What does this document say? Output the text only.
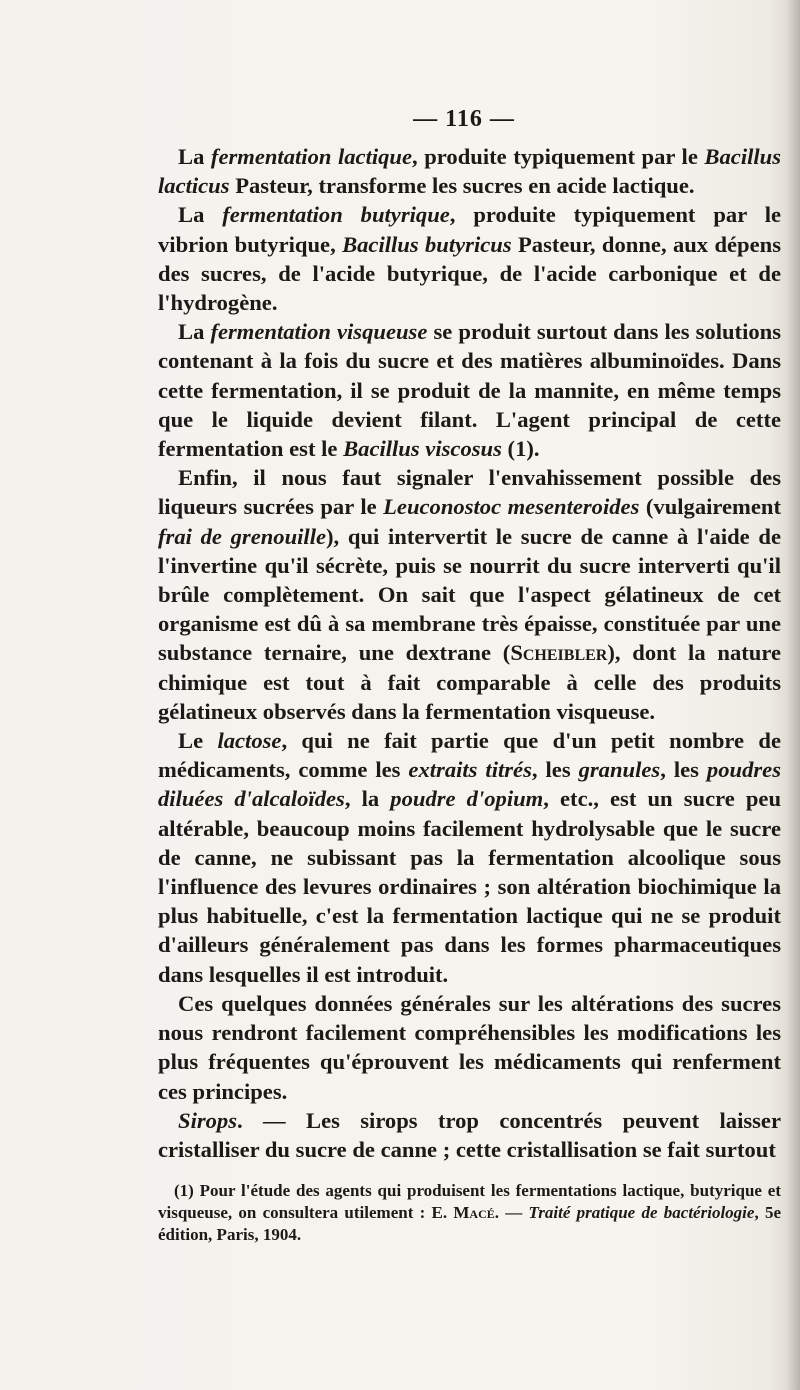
— 116 —

La fermentation lactique, produite typiquement par le Bacillus lacticus Pasteur, transforme les sucres en acide lactique.

La fermentation butyrique, produite typiquement par le vibrion butyrique, Bacillus butyricus Pasteur, donne, aux dépens des sucres, de l'acide butyrique, de l'acide carbonique et de l'hydrogène.

La fermentation visqueuse se produit surtout dans les solutions contenant à la fois du sucre et des matières albuminoïdes. Dans cette fermentation, il se produit de la mannite, en même temps que le liquide devient filant. L'agent principal de cette fermentation est le Bacillus viscosus (1).

Enfin, il nous faut signaler l'envahissement possible des liqueurs sucrées par le Leuconostoc mesenteroides (vulgairement frai de grenouille), qui intervertit le sucre de canne à l'aide de l'invertine qu'il sécrète, puis se nourrit du sucre interverti qu'il brûle complètement. On sait que l'aspect gélatineux de cet organisme est dû à sa membrane très épaisse, constituée par une substance ternaire, une dextrane (Scheibler), dont la nature chimique est tout à fait comparable à celle des produits gélatineux observés dans la fermentation visqueuse.

Le lactose, qui ne fait partie que d'un petit nombre de médicaments, comme les extraits titrés, les granules, les poudres diluées d'alcaloïdes, la poudre d'opium, etc., est un sucre peu altérable, beaucoup moins facilement hydrolysable que le sucre de canne, ne subissant pas la fermentation alcoolique sous l'influence des levures ordinaires ; son altération biochimique la plus habituelle, c'est la fermentation lactique qui ne se produit d'ailleurs généralement pas dans les formes pharmaceutiques dans lesquelles il est introduit.

Ces quelques données générales sur les altérations des sucres nous rendront facilement compréhensibles les modifications les plus fréquentes qu'éprouvent les médicaments qui renferment ces principes.

Sirops. — Les sirops trop concentrés peuvent laisser cristalliser du sucre de canne ; cette cristallisation se fait surtout

(1) Pour l'étude des agents qui produisent les fermentations lactique, butyrique et visqueuse, on consultera utilement : E. Macé. — Traité pratique de bactériologie, 5e édition, Paris, 1904.
